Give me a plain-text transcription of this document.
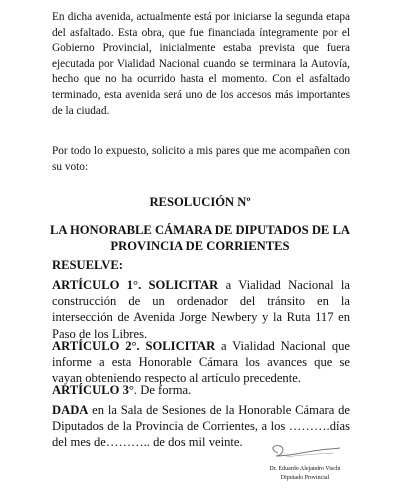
En dicha avenida, actualmente está por iniciarse la segunda etapa del asfaltado. Esta obra, que fue financiada íntegramente por el Gobierno Provincial, inicialmente estaba prevista que fuera ejecutada por Vialidad Nacional cuando se terminara la Autovía, hecho que no ha ocurrido hasta el momento. Con el asfaltado terminado, esta avenida será uno de los accesos más importantes de la ciudad.

Por todo lo expuesto, solicito a mis pares que me acompañen con su voto:

RESOLUCIÓN Nº

LA HONORABLE CÁMARA DE DIPUTADOS DE LA PROVINCIA DE CORRIENTES

RESUELVE:

ARTÍCULO 1°. SOLICITAR a Vialidad Nacional la construcción de un ordenador del tránsito en la intersección de Avenida Jorge Newbery y la Ruta 117 en Paso de los Libres.

ARTÍCULO 2°. SOLICITAR a Vialidad Nacional que informe a esta Honorable Cámara los avances que se vayan obteniendo respecto al artículo precedente.

ARTÍCULO 3°. De forma.

DADA en la Sala de Sesiones de la Honorable Cámara de Diputados de la Provincia de Corrientes, a los ……….días del mes de……….. de dos mil veinte.

Dr. Eduardo Alejandro Vischi

Diputado Provincial
